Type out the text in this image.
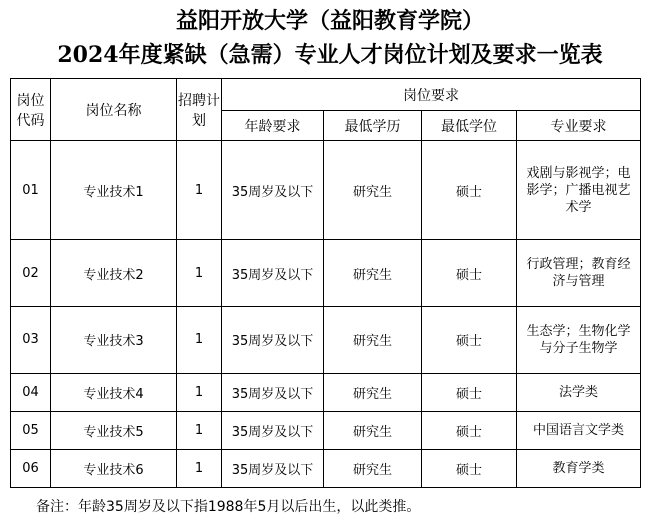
益阳开放大学（益阳教育学院）
2024年度紧缺（急需）专业人才岗位计划及要求一览表
岗位代码	岗位名称	招聘计划	岗位要求			
			年龄要求	最低学历	最低学位	专业要求
01	专业技术1	1	35周岁及以下	研究生	硕士	戏剧与影视学；电影学；广播电视艺术学
02	专业技术2	1	35周岁及以下	研究生	硕士	行政管理；教育经济与管理
03	专业技术3	1	35周岁及以下	研究生	硕士	生态学；生物化学与分子生物学
04	专业技术4	1	35周岁及以下	研究生	硕士	法学类
05	专业技术5	1	35周岁及以下	研究生	硕士	中国语言文学类
06	专业技术6	1	35周岁及以下	研究生	硕士	教育学类
备注：年龄35周岁及以下指1988年5月以后出生，以此类推。
